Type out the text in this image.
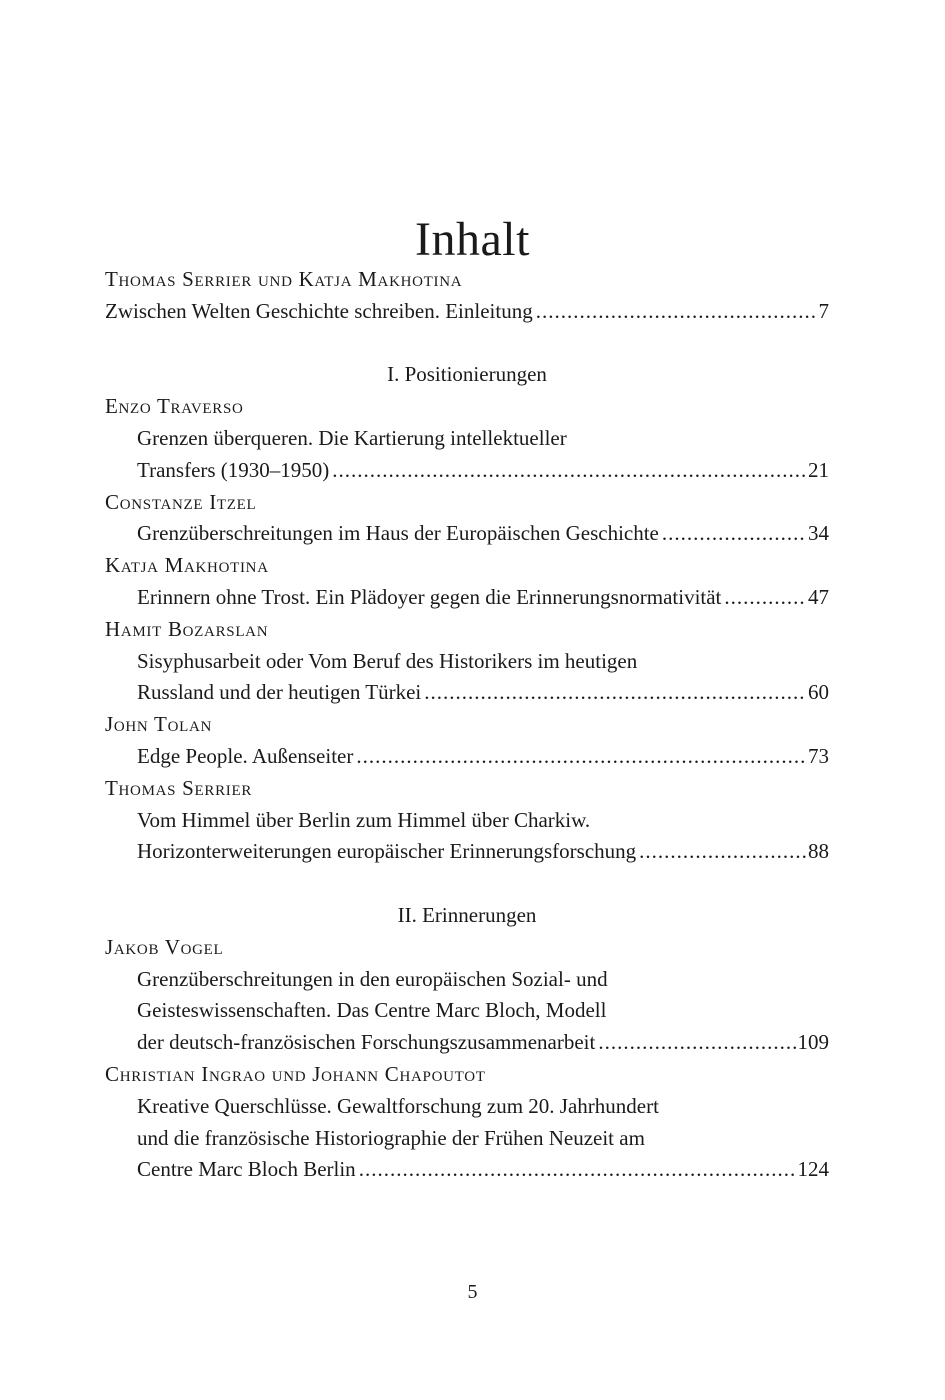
Inhalt
Thomas Serrier und Katja Makhotina
Zwischen Welten Geschichte schreiben. Einleitung .....	7
I. Positionierungen
Enzo Traverso
Grenzen überqueren. Die Kartierung intellektueller
Transfers (1930–1950) .....	21
Constanze Itzel
Grenzüberschreitungen im Haus der Europäischen Geschichte .....	34
Katja Makhotina
Erinnern ohne Trost. Ein Plädoyer gegen die Erinnerungsnormativität .....	47
Hamit Bozarslan
Sisyphusarbeit oder Vom Beruf des Historikers im heutigen
Russland und der heutigen Türkei .....	60
John Tolan
Edge People. Außenseiter .....	73
Thomas Serrier
Vom Himmel über Berlin zum Himmel über Charkiw.
Horizonterweiterungen europäischer Erinnerungsforschung .....	88
II. Erinnerungen
Jakob Vogel
Grenzüberschreitungen in den europäischen Sozial- und
Geisteswissenschaften. Das Centre Marc Bloch, Modell
der deutsch-französischen Forschungszusammenarbeit .....	109
Christian Ingrao und Johann Chapoutot
Kreative Querschlüsse. Gewaltforschung zum 20. Jahrhundert
und die französische Historiographie der Frühen Neuzeit am
Centre Marc Bloch Berlin .....	124
5
